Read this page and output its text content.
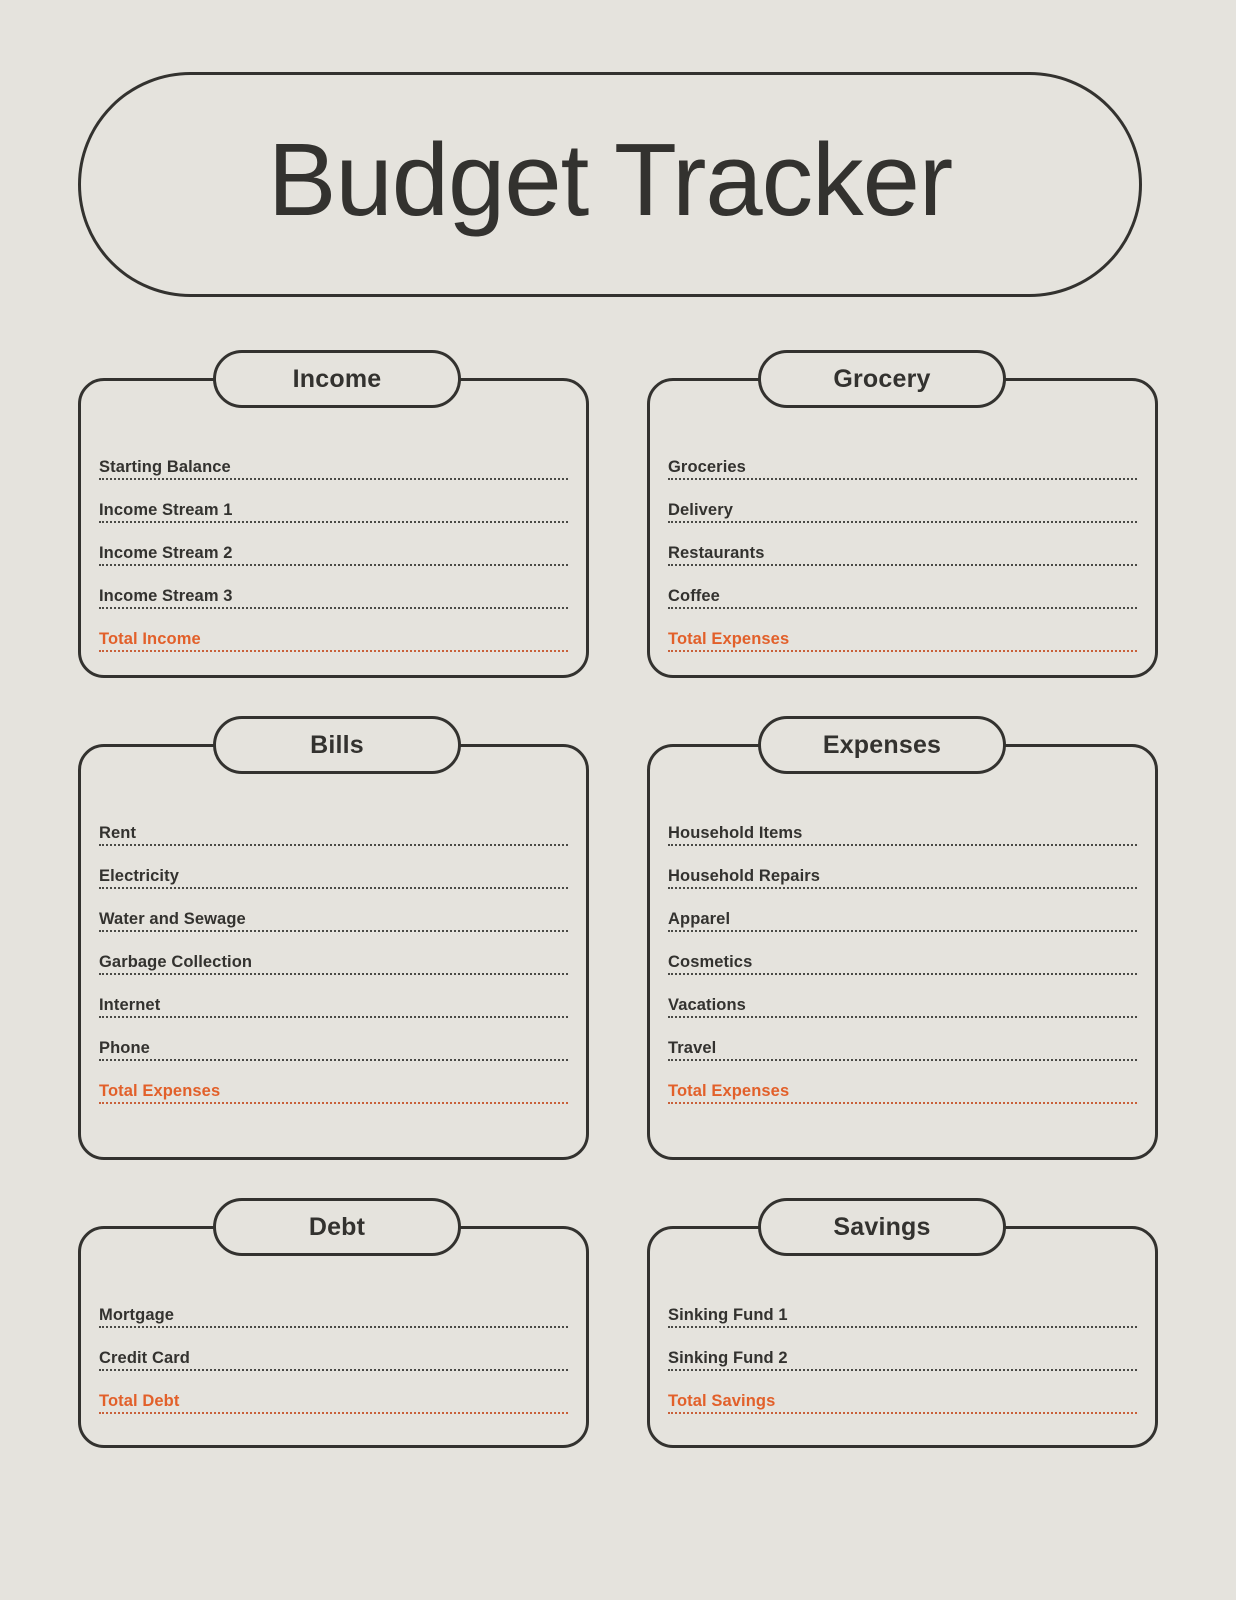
Budget Tracker
Income
Starting Balance
Income Stream 1
Income Stream 2
Income Stream 3
Total Income
Grocery
Groceries
Delivery
Restaurants
Coffee
Total Expenses
Bills
Rent
Electricity
Water and Sewage
Garbage Collection
Internet
Phone
Total Expenses
Expenses
Household Items
Household Repairs
Apparel
Cosmetics
Vacations
Travel
Total Expenses
Debt
Mortgage
Credit Card
Total Debt
Savings
Sinking Fund 1
Sinking Fund 2
Total Savings
